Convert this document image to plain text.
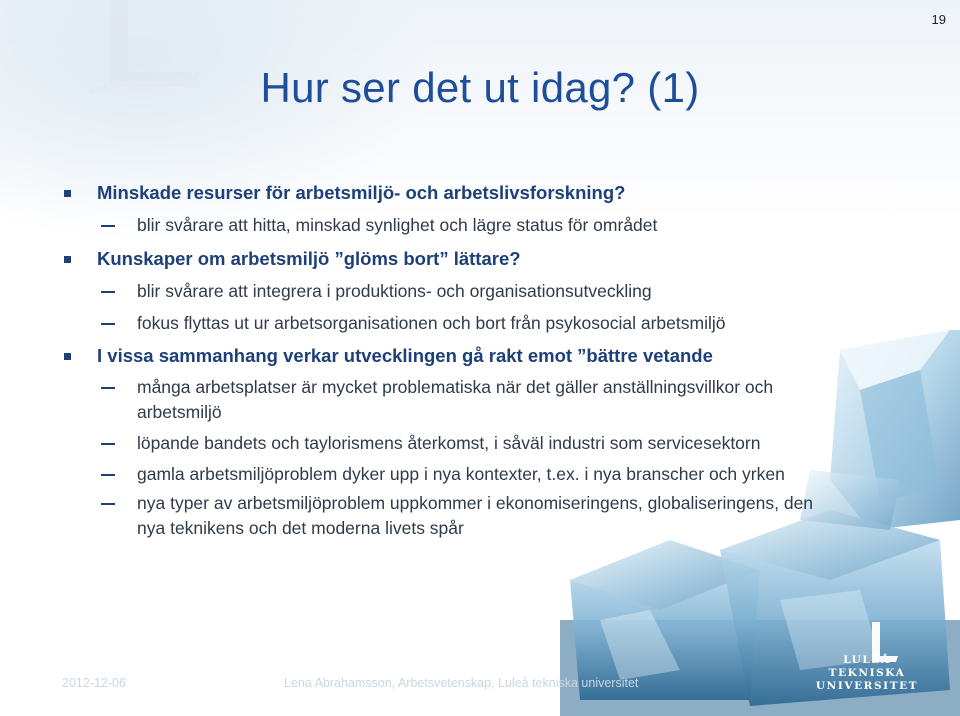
19
Hur ser det ut idag? (1)
LULEÅ
TEKNISKA
UNIVERSITET
Minskade resurser för arbetsmiljö- och arbetslivsforskning?
blir svårare att hitta, minskad synlighet och lägre status för området
Kunskaper om arbetsmiljö ”glöms bort” lättare?
blir svårare att integrera i produktions- och organisationsutveckling
fokus flyttas ut ur arbetsorganisationen och bort från psykosocial arbetsmiljö
I vissa sammanhang verkar utvecklingen gå rakt emot ”bättre vetande
många arbetsplatser är mycket problematiska när det gäller anställningsvillkor och
arbetsmiljö
löpande bandets och taylorismens återkomst, i såväl industri som servicesektorn
gamla arbetsmiljöproblem dyker upp i nya kontexter, t.ex. i nya branscher och yrken
nya typer av arbetsmiljöproblem uppkommer i ekonomiseringens, globaliseringens, den
nya teknikens och det moderna livets spår
2012-12-06	Lena Abrahamsson, Arbetsvetenskap, Luleå tekniska universitet
